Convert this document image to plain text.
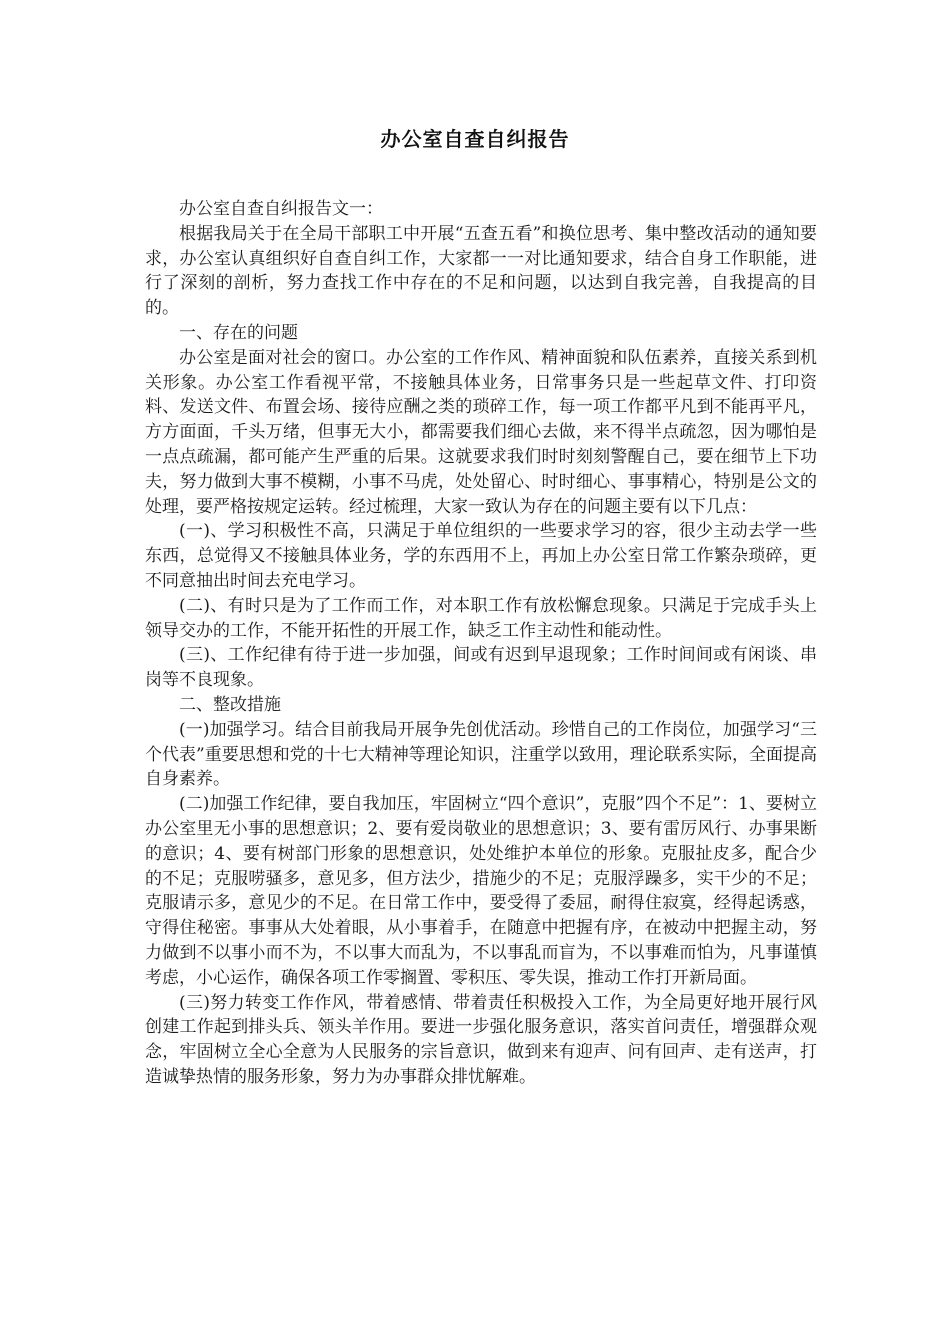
办公室自查自纠报告

办公室自查自纠报告文一：

根据我局关于在全局干部职工中开展“五查五看”和换位思考、集中整改活动的通知要求，办公室认真组织好自查自纠工作，大家都一一对比通知要求，结合自身工作职能，进行了深刻的剖析，努力查找工作中存在的不足和问题，以达到自我完善，自我提高的目的。

一、存在的问题

办公室是面对社会的窗口。办公室的工作作风、精神面貌和队伍素养，直接关系到机关形象。办公室工作看视平常，不接触具体业务，日常事务只是一些起草文件、打印资料、发送文件、布置会场、接待应酬之类的琐碎工作，每一项工作都平凡到不能再平凡，方方面面，千头万绪，但事无大小，都需要我们细心去做，来不得半点疏忽，因为哪怕是一点点疏漏，都可能产生严重的后果。这就要求我们时时刻刻警醒自己，要在细节上下功夫，努力做到大事不模糊，小事不马虎，处处留心、时时细心、事事精心，特别是公文的处理，要严格按规定运转。经过梳理，大家一致认为存在的问题主要有以下几点：

(一)、学习积极性不高，只满足于单位组织的一些要求学习的容，很少主动去学一些东西，总觉得又不接触具体业务，学的东西用不上，再加上办公室日常工作繁杂琐碎，更不同意抽出时间去充电学习。

(二)、有时只是为了工作而工作，对本职工作有放松懈怠现象。只满足于完成手头上领导交办的工作，不能开拓性的开展工作，缺乏工作主动性和能动性。

(三)、工作纪律有待于进一步加强，间或有迟到早退现象；工作时间间或有闲谈、串岗等不良现象。

二、整改措施

(一)加强学习。结合目前我局开展争先创优活动。珍惜自己的工作岗位，加强学习“三个代表”重要思想和党的十七大精神等理论知识，注重学以致用，理论联系实际，全面提高自身素养。

(二)加强工作纪律，要自我加压，牢固树立“四个意识”，克服”四个不足”：1、要树立办公室里无小事的思想意识；2、要有爱岗敬业的思想意识；3、要有雷厉风行、办事果断的意识；4、要有树部门形象的思想意识，处处维护本单位的形象。克服扯皮多，配合少的不足；克服唠骚多，意见多，但方法少，措施少的不足；克服浮躁多，实干少的不足；克服请示多，意见少的不足。在日常工作中，要受得了委屈，耐得住寂寞，经得起诱惑，守得住秘密。事事从大处着眼，从小事着手，在随意中把握有序，在被动中把握主动，努力做到不以事小而不为，不以事大而乱为，不以事乱而盲为，不以事难而怕为，凡事谨慎考虑，小心运作，确保各项工作零搁置、零积压、零失误，推动工作打开新局面。

(三)努力转变工作作风，带着感情、带着责任积极投入工作，为全局更好地开展行风创建工作起到排头兵、领头羊作用。要进一步强化服务意识，落实首问责任，增强群众观念，牢固树立全心全意为人民服务的宗旨意识，做到来有迎声、问有回声、走有送声，打造诚挚热情的服务形象，努力为办事群众排忧解难。
